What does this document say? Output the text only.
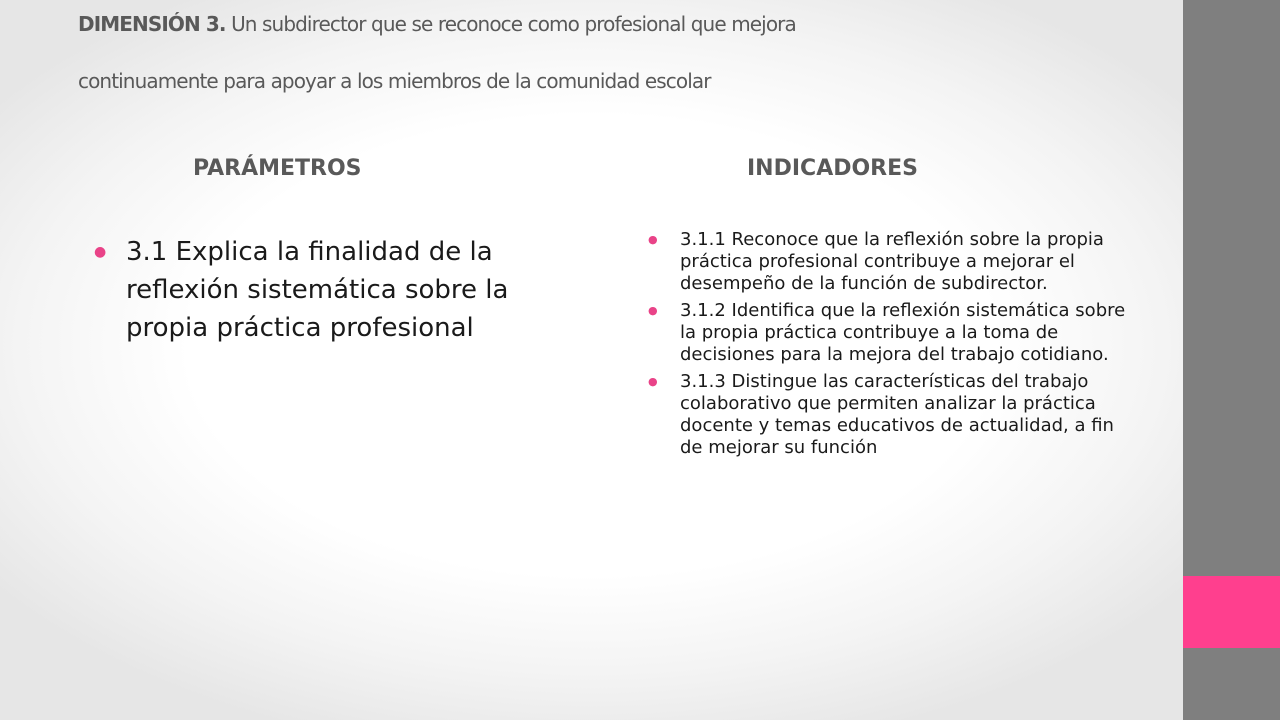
DIMENSIÓN 3. Un subdirector que se reconoce como profesional que mejora
continuamente para apoyar a los miembros de la comunidad escolar
PARÁMETROS	INDICADORES
● 3.1 Explica la finalidad de la reflexión sistemática sobre la propia práctica profesional
● 3.1.1 Reconoce que la reflexión sobre la propia práctica profesional contribuye a mejorar el desempeño de la función de subdirector.
● 3.1.2 Identifica que la reflexión sistemática sobre la propia práctica contribuye a la toma de decisiones para la mejora del trabajo cotidiano.
● 3.1.3 Distingue las características del trabajo colaborativo que permiten analizar la práctica docente y temas educativos de actualidad, a fin de mejorar su función
